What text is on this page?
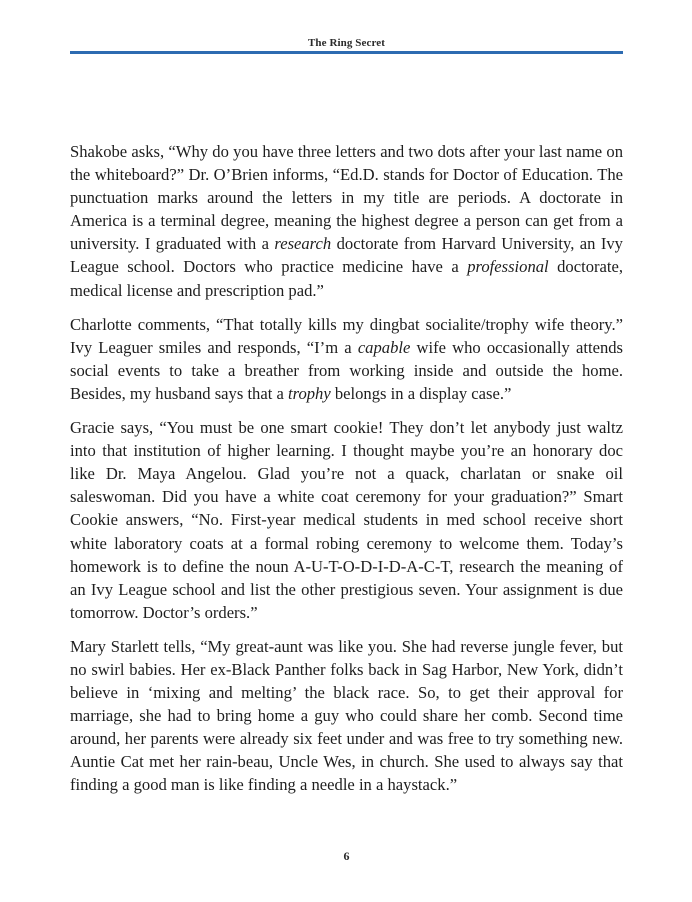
The Ring Secret

Shakobe asks, “Why do you have three letters and two dots after your last name on the whiteboard?” Dr. O’Brien informs, “Ed.D. stands for Doctor of Education. The punctuation marks around the letters in my title are periods. A doctorate in America is a terminal degree, meaning the highest degree a person can get from a university. I graduated with a research doctorate from Harvard University, an Ivy League school. Doctors who practice medicine have a professional doctorate, medical license and prescription pad.”

Charlotte comments, “That totally kills my dingbat socialite/trophy wife theory.” Ivy Leaguer smiles and responds, “I’m a capable wife who occasionally attends social events to take a breather from working inside and outside the home. Besides, my husband says that a trophy belongs in a display case.”

Gracie says, “You must be one smart cookie! They don’t let anybody just waltz into that institution of higher learning. I thought maybe you’re an honorary doc like Dr. Maya Angelou. Glad you’re not a quack, charlatan or snake oil saleswoman. Did you have a white coat ceremony for your graduation?” Smart Cookie answers, “No. First-year medical students in med school receive short white laboratory coats at a formal robing ceremony to welcome them. Today’s homework is to define the noun A-U-T-O-D-I-D-A-C-T, research the meaning of an Ivy League school and list the other prestigious seven. Your assignment is due tomorrow. Doctor’s orders.”

Mary Starlett tells, “My great-aunt was like you. She had reverse jungle fever, but no swirl babies. Her ex-Black Panther folks back in Sag Harbor, New York, didn’t believe in ‘mixing and melting’ the black race. So, to get their approval for marriage, she had to bring home a guy who could share her comb. Second time around, her parents were already six feet under and was free to try something new. Auntie Cat met her rain-beau, Uncle Wes, in church. She used to always say that finding a good man is like finding a needle in a haystack.”

6
